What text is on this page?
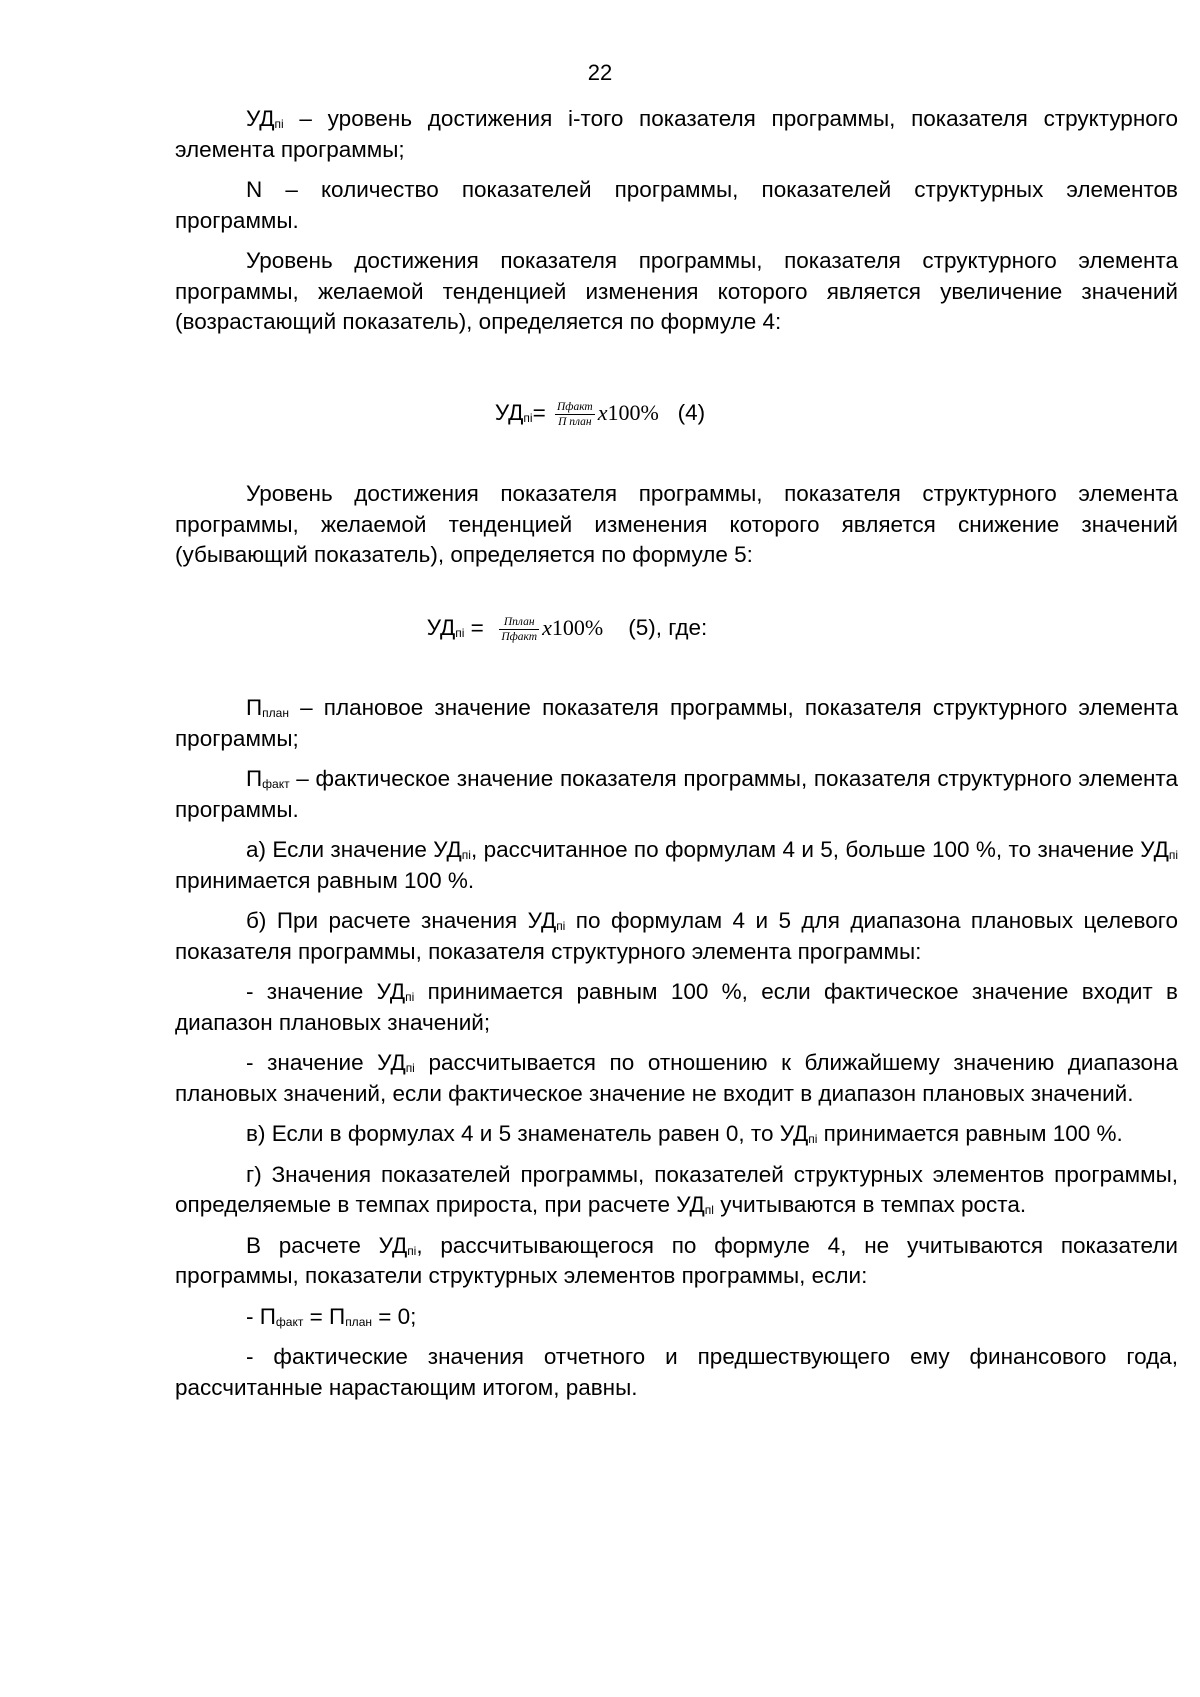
22

$УД_{пi}$ – уровень достижения i-того показателя программы, показателя структурного элемента программы;

N – количество показателей программы, показателей структурных элементов программы.

Уровень достижения показателя программы, показателя структурного элемента программы, желаемой тенденцией изменения которого является увеличение значений (возрастающий показатель), определяется по формуле 4:

$УД_{пi}= \frac{\text{Пфакт}}{\text{П план}} x100\%$ (4)

Уровень достижения показателя программы, показателя структурного элемента программы, желаемой тенденцией изменения которого является снижение значений (убывающий показатель), определяется по формуле 5:

$УД_{пi} = \frac{\text{Пплан}}{\text{Пфакт}} x100\%$ (5), где:

$П_{план}$ – плановое значение показателя программы, показателя структурного элемента программы;

$П_{факт}$ – фактическое значение показателя программы, показателя структурного элемента программы.

а) Если значение $УД_{пi}$, рассчитанное по формулам 4 и 5, больше 100 %, то значение $УД_{пi}$ принимается равным 100 %.

б) При расчете значения $УД_{пi}$ по формулам 4 и 5 для диапазона плановых целевого показателя программы, показателя структурного элемента программы:

- значение $УД_{пi}$ принимается равным 100 %, если фактическое значение входит в диапазон плановых значений;

- значение $УД_{пi}$ рассчитывается по отношению к ближайшему значению диапазона плановых значений, если фактическое значение не входит в диапазон плановых значений.

в) Если в формулах 4 и 5 знаменатель равен 0, то $УД_{пi}$ принимается равным 100 %.

г) Значения показателей программы, показателей структурных элементов программы, определяемые в темпах прироста, при расчете $УД_{пl}$ учитываются в темпах роста.

В расчете $УД_{пi}$, рассчитывающегося по формуле 4, не учитываются показатели программы, показатели структурных элементов программы, если:

- $П_{факт} = П_{план} = 0$;

- фактические значения отчетного и предшествующего ему финансового года, рассчитанные нарастающим итогом, равны.
